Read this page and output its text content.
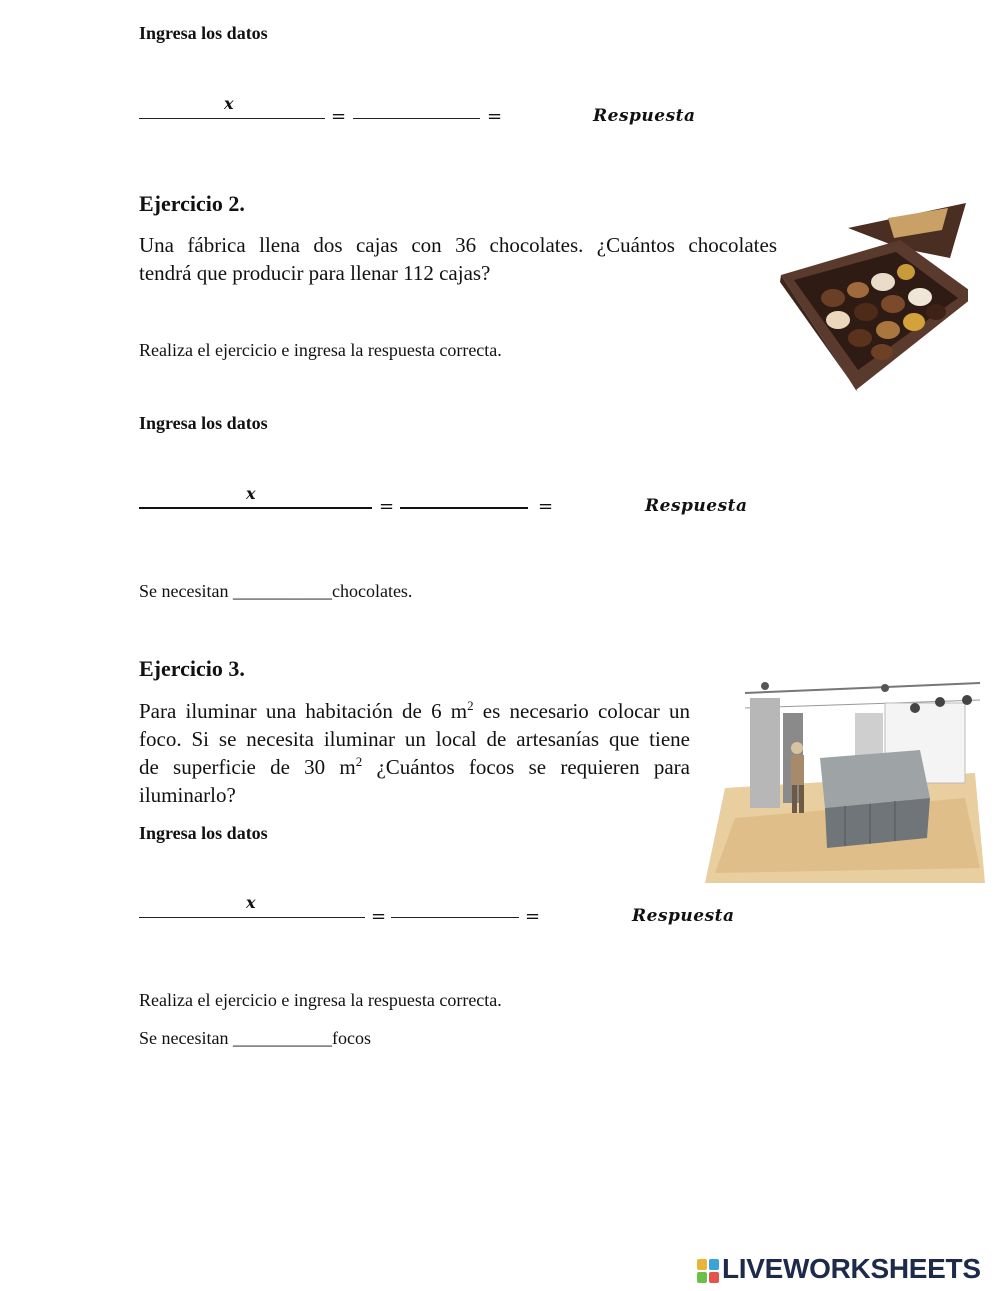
Ingresa los datos
x
=	=	Respuesta
Ejercicio 2.
Una fábrica llena dos cajas con 36 chocolates. ¿Cuántos chocolates
tendrá que producir para llenar 112 cajas?
Realiza el ejercicio e ingresa la respuesta correcta.
Ingresa los datos
x
=	=	Respuesta
Se necesitan ___________chocolates.
Ejercicio 3.
Para iluminar una habitación de 6 $m^2$ es necesario colocar un
foco. Si se necesita iluminar un local de artesanías que tiene
de superficie de 30 $m^2$ ¿Cuántos focos se requieren para
iluminarlo?
Ingresa los datos
x
=	=	Respuesta
Realiza el ejercicio e ingresa la respuesta correcta.
Se necesitan ___________focos
LIVEWORKSHEETS
